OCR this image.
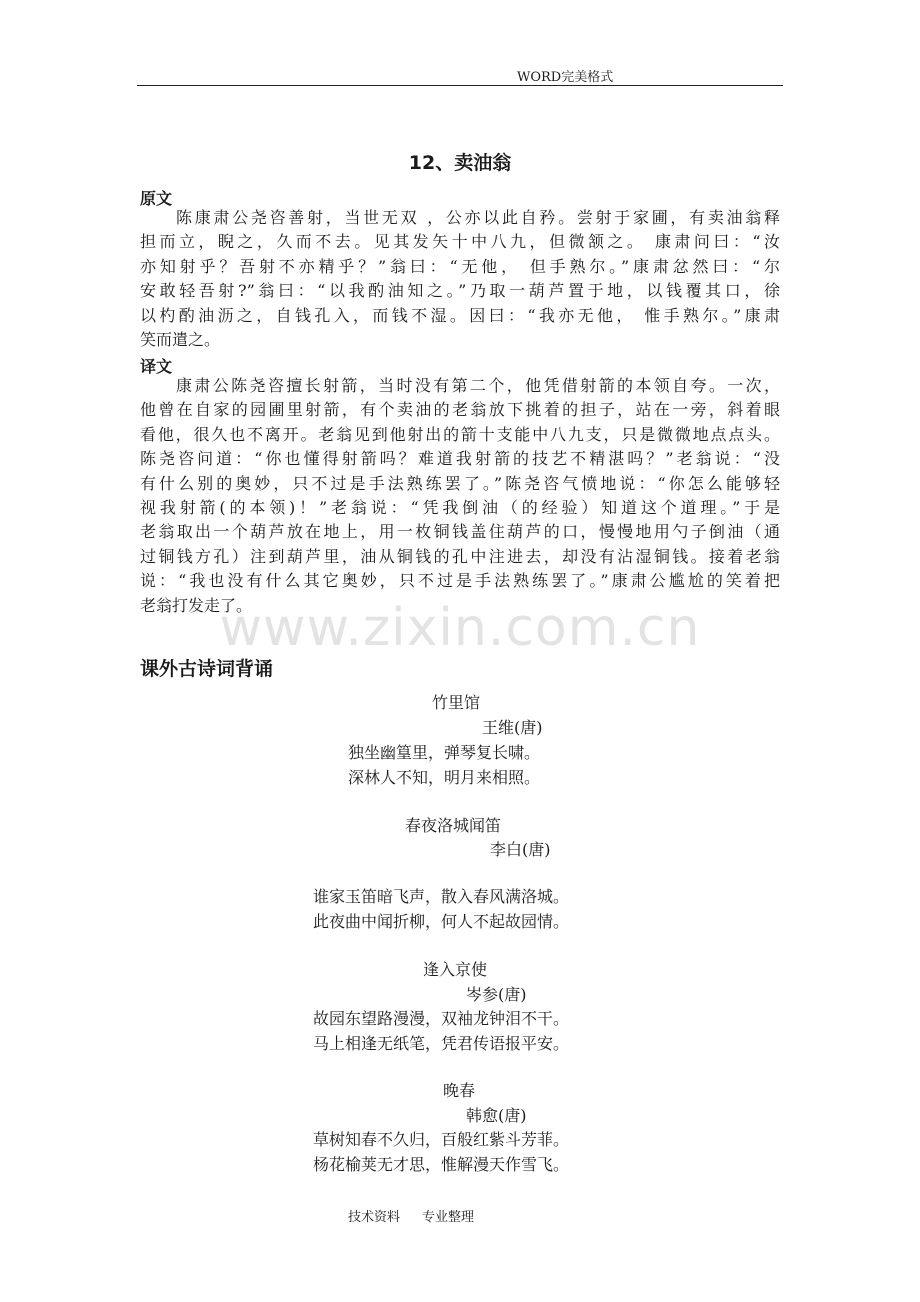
WORD完美格式
12、卖油翁
原文
陈康肃公尧咨善射，当世无双 ，公亦以此自矜。尝射于家圃，有卖油翁释
担而立，睨之，久而不去。见其发矢十中八九，但微颔之。 康肃问曰：“汝
亦知射乎？吾射不亦精乎？”翁曰：“无他， 但手熟尔。”康肃忿然曰：“尔
安敢轻吾射?”翁曰：“以我酌油知之。”乃取一葫芦置于地，以钱覆其口，徐
以杓酌油沥之，自钱孔入，而钱不湿。因曰：“我亦无他， 惟手熟尔。”康肃
笑而遣之。
译文
康肃公陈尧咨擅长射箭，当时没有第二个，他凭借射箭的本领自夸。一次，
他曾在自家的园圃里射箭，有个卖油的老翁放下挑着的担子，站在一旁，斜着眼
看他，很久也不离开。老翁见到他射出的箭十支能中八九支，只是微微地点点头。
陈尧咨问道：“你也懂得射箭吗？难道我射箭的技艺不精湛吗？”老翁说：“没
有什么别的奥妙，只不过是手法熟练罢了。”陈尧咨气愤地说：“你怎么能够轻
视我射箭(的本领)！”老翁说：“凭我倒油（的经验）知道这个道理。”于是
老翁取出一个葫芦放在地上，用一枚铜钱盖住葫芦的口，慢慢地用勺子倒油（通
过铜钱方孔）注到葫芦里，油从铜钱的孔中注进去，却没有沾湿铜钱。接着老翁
说：“我也没有什么其它奥妙，只不过是手法熟练罢了。”康肃公尴尬的笑着把
老翁打发走了。
www.zixin.com.cn
课外古诗词背诵
竹里馆
王维(唐)
独坐幽篁里，弹琴复长啸。
深林人不知，明月来相照。
春夜洛城闻笛
李白(唐)
谁家玉笛暗飞声，散入春风满洛城。
此夜曲中闻折柳，何人不起故园情。
逢入京使
岑参(唐)
故园东望路漫漫，双袖龙钟泪不干。
马上相逢无纸笔，凭君传语报平安。
晚春
韩愈(唐)
草树知春不久归，百般红紫斗芳菲。
杨花榆荚无才思，惟解漫天作雪飞。
技术资料 专业整理
